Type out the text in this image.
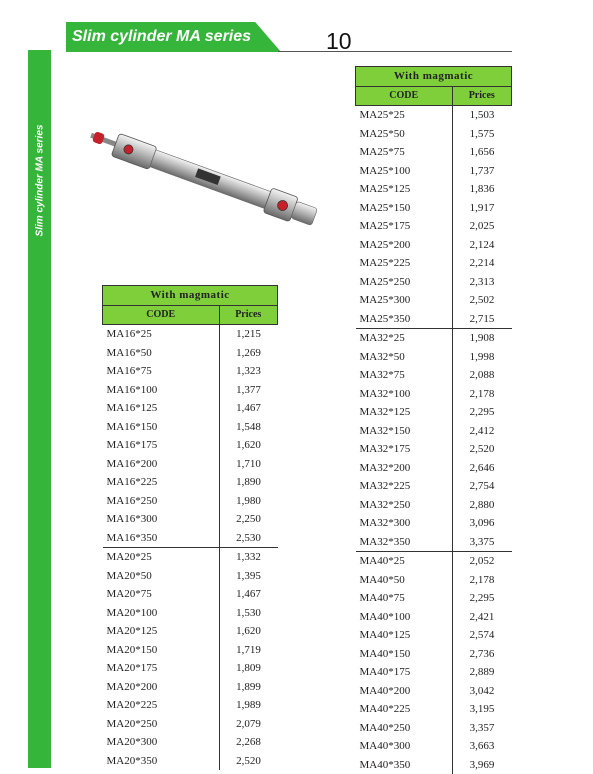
Slim cylinder MA series
Slim cylinder MA series	10
With magmatic	
CODE	Prices
MA16*25	1,215
MA16*50	1,269
MA16*75	1,323
MA16*100	1,377
MA16*125	1,467
MA16*150	1,548
MA16*175	1,620
MA16*200	1,710
MA16*225	1,890
MA16*250	1,980
MA16*300	2,250
MA16*350	2,530
MA20*25	1,332
MA20*50	1,395
MA20*75	1,467
MA20*100	1,530
MA20*125	1,620
MA20*150	1,719
MA20*175	1,809
MA20*200	1,899
MA20*225	1,989
MA20*250	2,079
MA20*300	2,268
MA20*350	2,520
With magmatic	
CODE	Prices
MA25*25	1,503
MA25*50	1,575
MA25*75	1,656
MA25*100	1,737
MA25*125	1,836
MA25*150	1,917
MA25*175	2,025
MA25*200	2,124
MA25*225	2,214
MA25*250	2,313
MA25*300	2,502
MA25*350	2,715
MA32*25	1,908
MA32*50	1,998
MA32*75	2,088
MA32*100	2,178
MA32*125	2,295
MA32*150	2,412
MA32*175	2,520
MA32*200	2,646
MA32*225	2,754
MA32*250	2,880
MA32*300	3,096
MA32*350	3,375
MA40*25	2,052
MA40*50	2,178
MA40*75	2,295
MA40*100	2,421
MA40*125	2,574
MA40*150	2,736
MA40*175	2,889
MA40*200	3,042
MA40*225	3,195
MA40*250	3,357
MA40*300	3,663
MA40*350	3,969
